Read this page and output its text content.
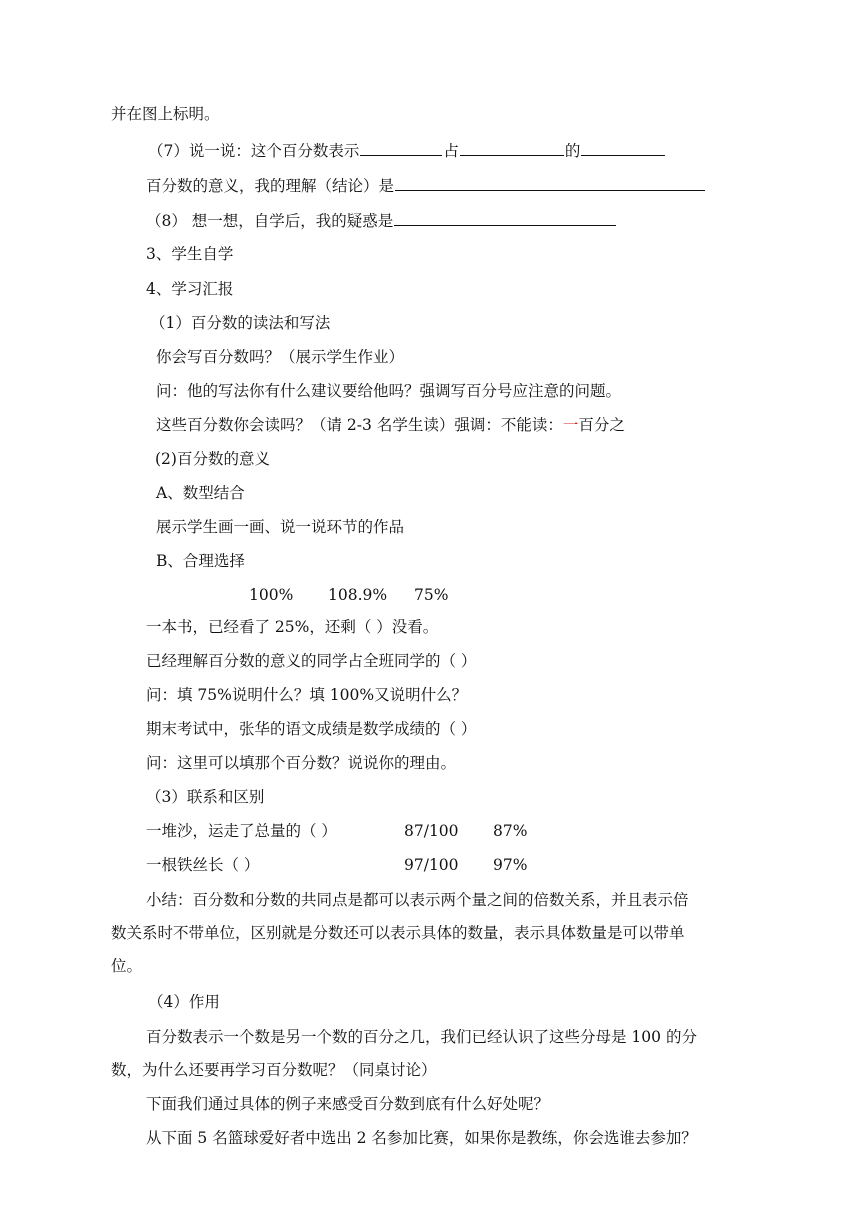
并在图上标明。
（7）说一说：这个百分数表示	占	的
百分数的意义，我的理解（结论）是
（8） 想一想，自学后，我的疑惑是
3、学生自学
4、学习汇报
（1）百分数的读法和写法
你会写百分数吗？（展示学生作业）
问：他的写法你有什么建议要给他吗？强调写百分号应注意的问题。
这些百分数你会读吗？（请 2-3 名学生读）强调：不能读：一百分之
(2)百分数的意义
A、数型结合
展示学生画一画、说一说环节的作品
B、合理选择
100% 108.9% 75%
一本书，已经看了 25%，还剩（ ）没看。
已经理解百分数的意义的同学占全班同学的（ ）
问：填 75%说明什么？填 100%又说明什么？
期末考试中，张华的语文成绩是数学成绩的（ ）
问：这里可以填那个百分数？说说你的理由。
（3）联系和区别
一堆沙，运走了总量的（ ）	87/100 87%
一根铁丝长（ ）	97/100 97%
小结：百分数和分数的共同点是都可以表示两个量之间的倍数关系，并且表示倍
数关系时不带单位，区别就是分数还可以表示具体的数量，表示具体数量是可以带单
位。
（4）作用
百分数表示一个数是另一个数的百分之几，我们已经认识了这些分母是 100 的分
数，为什么还要再学习百分数呢？（同桌讨论）
下面我们通过具体的例子来感受百分数到底有什么好处呢？
从下面 5 名篮球爱好者中选出 2 名参加比赛，如果你是教练，你会选谁去参加？
